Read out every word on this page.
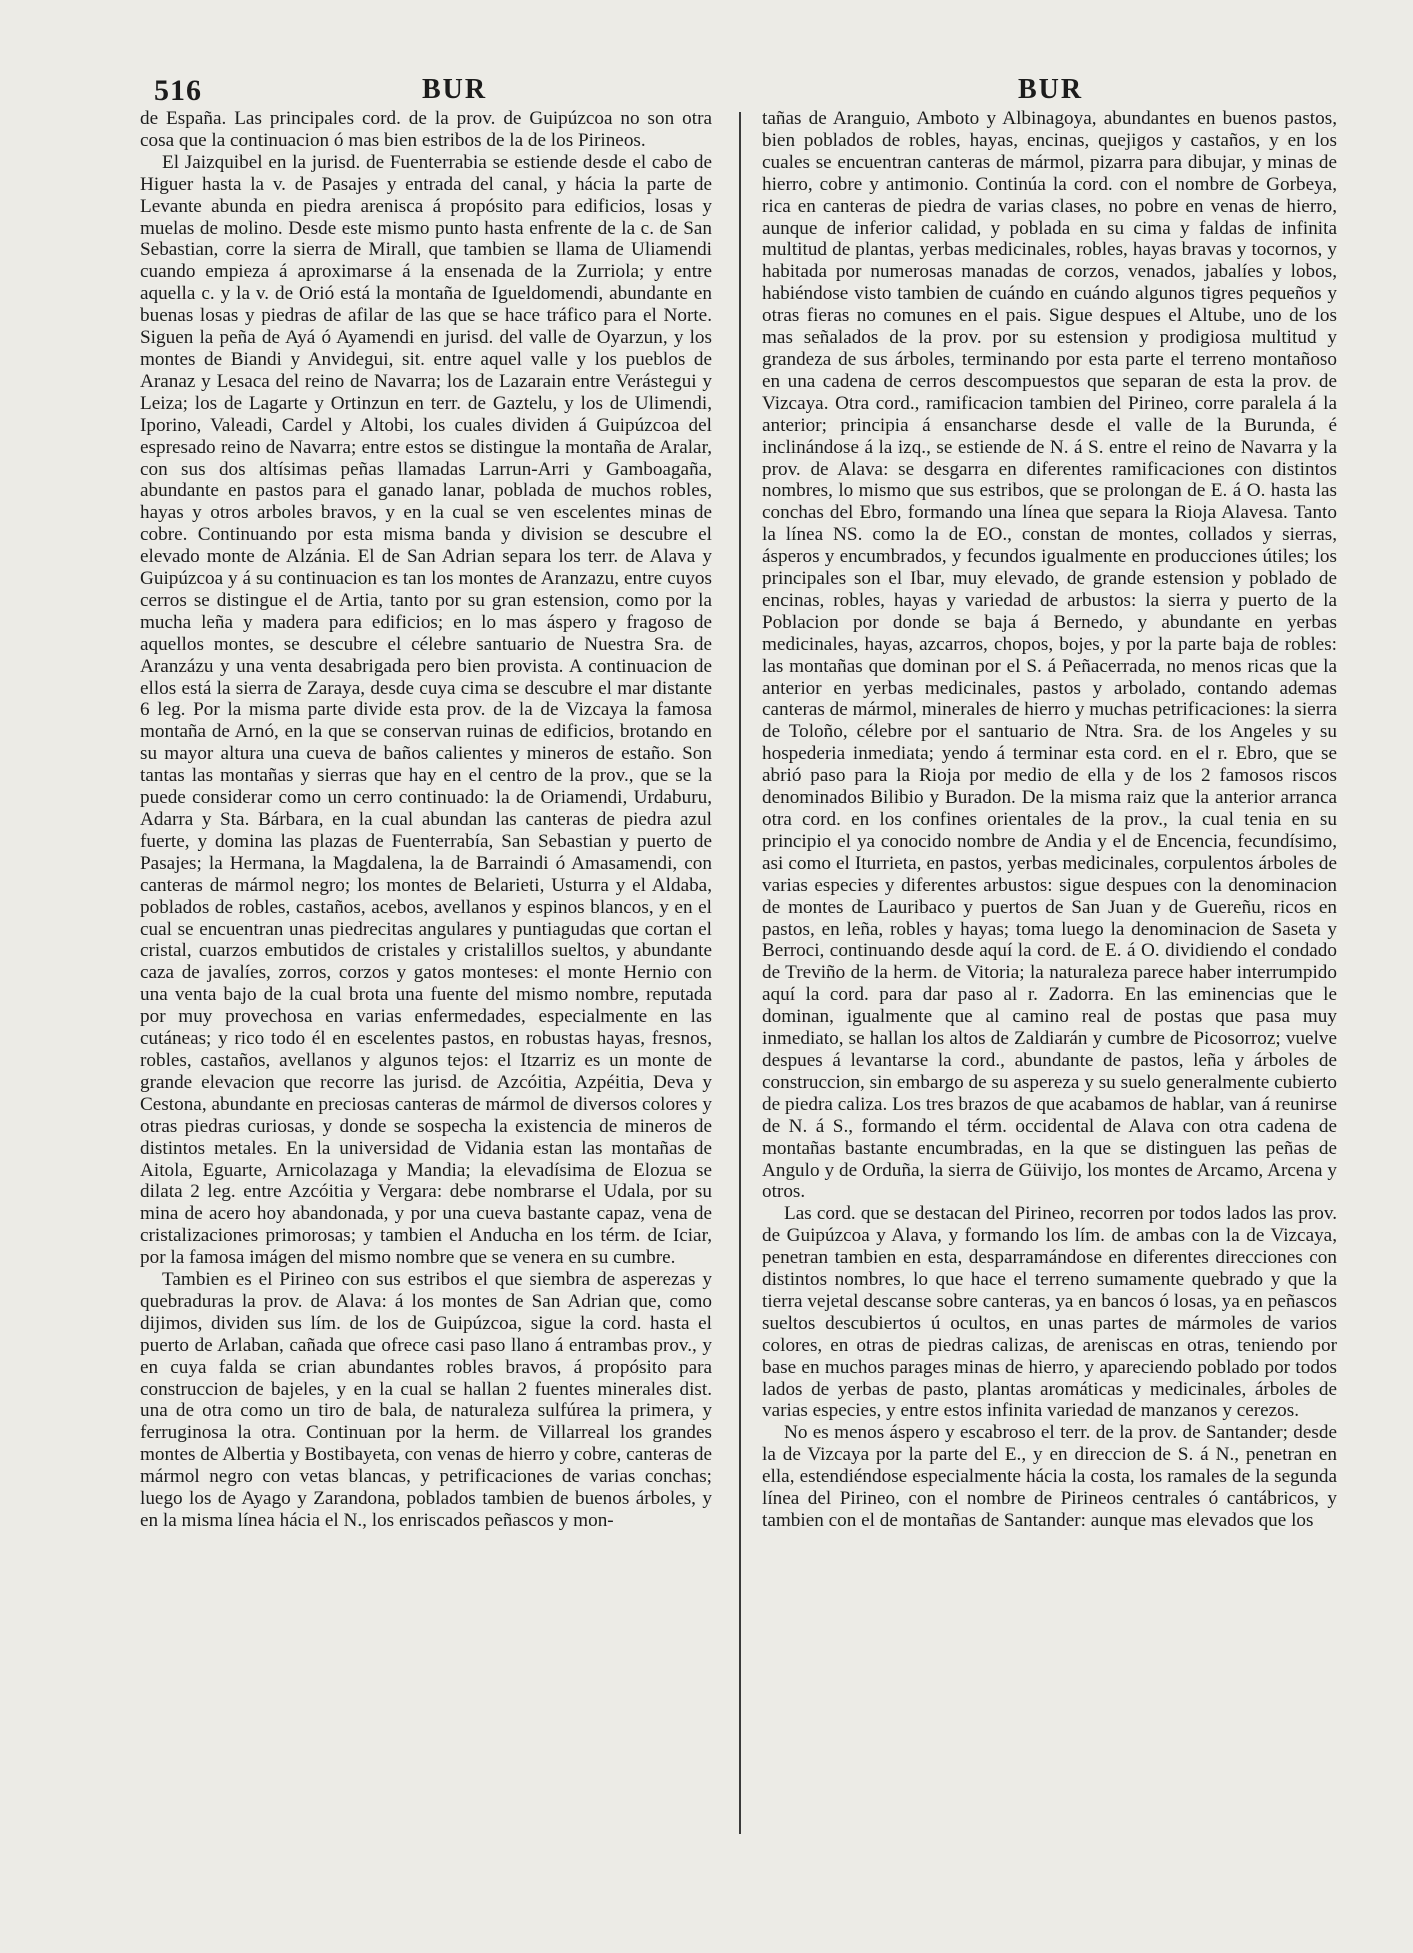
516	BUR	BUR

de España. Las principales cord. de la prov. de Guipúzcoa no son otra cosa que la continuacion ó mas bien estribos de la de los Pirineos.

El Jaizquibel en la jurisd. de Fuenterrabia se estiende desde el cabo de Higuer hasta la v. de Pasajes y entrada del canal, y hácia la parte de Levante abunda en piedra arenisca á propósito para edificios, losas y muelas de molino. Desde este mismo punto hasta enfrente de la c. de San Sebastian, corre la sierra de Mirall, que tambien se llama de Uliamendi cuando empieza á aproximarse á la ensenada de la Zurriola; y entre aquella c. y la v. de Orió está la montaña de Igueldomendi, abundante en buenas losas y piedras de afilar de las que se hace tráfico para el Norte. Siguen la peña de Ayá ó Ayamendi en jurisd. del valle de Oyarzun, y los montes de Biandi y Anvidegui, sit. entre aquel valle y los pueblos de Aranaz y Lesaca del reino de Navarra; los de Lazarain entre Verástegui y Leiza; los de Lagarte y Ortinzun en terr. de Gaztelu, y los de Ulimendi, Iporino, Valeadi, Cardel y Altobi, los cuales dividen á Guipúzcoa del espresado reino de Navarra; entre estos se distingue la montaña de Aralar, con sus dos altísimas peñas llamadas Larrun-Arri y Gamboagaña, abundante en pastos para el ganado lanar, poblada de muchos robles, hayas y otros arboles bravos, y en la cual se ven escelentes minas de cobre. Continuando por esta misma banda y division se descubre el elevado monte de Alzánia. El de San Adrian separa los terr. de Alava y Guipúzcoa y á su continuacion es tan los montes de Aranzazu, entre cuyos cerros se distingue el de Artia, tanto por su gran estension, como por la mucha leña y madera para edificios; en lo mas áspero y fragoso de aquellos montes, se descubre el célebre santuario de Nuestra Sra. de Aranzázu y una venta desabrigada pero bien provista. A continuacion de ellos está la sierra de Zaraya, desde cuya cima se descubre el mar distante 6 leg. Por la misma parte divide esta prov. de la de Vizcaya la famosa montaña de Arnó, en la que se conservan ruinas de edificios, brotando en su mayor altura una cueva de baños calientes y mineros de estaño. Son tantas las montañas y sierras que hay en el centro de la prov., que se la puede considerar como un cerro continuado: la de Oriamendi, Urdaburu, Adarra y Sta. Bárbara, en la cual abundan las canteras de piedra azul fuerte, y domina las plazas de Fuenterrabía, San Sebastian y puerto de Pasajes; la Hermana, la Magdalena, la de Barraindi ó Amasamendi, con canteras de mármol negro; los montes de Belarieti, Usturra y el Aldaba, poblados de robles, castaños, acebos, avellanos y espinos blancos, y en el cual se encuentran unas piedrecitas angulares y puntiagudas que cortan el cristal, cuarzos embutidos de cristales y cristalillos sueltos, y abundante caza de javalíes, zorros, corzos y gatos monteses: el monte Hernio con una venta bajo de la cual brota una fuente del mismo nombre, reputada por muy provechosa en varias enfermedades, especialmente en las cutáneas; y rico todo él en escelentes pastos, en robustas hayas, fresnos, robles, castaños, avellanos y algunos tejos: el Itzarriz es un monte de grande elevacion que recorre las jurisd. de Azcóitia, Azpéitia, Deva y Cestona, abundante en preciosas canteras de mármol de diversos colores y otras piedras curiosas, y donde se sospecha la existencia de mineros de distintos metales. En la universidad de Vidania estan las montañas de Aitola, Eguarte, Arnicolazaga y Mandia; la elevadísima de Elozua se dilata 2 leg. entre Azcóitia y Vergara: debe nombrarse el Udala, por su mina de acero hoy abandonada, y por una cueva bastante capaz, vena de cristalizaciones primorosas; y tambien el Anducha en los térm. de Iciar, por la famosa imágen del mismo nombre que se venera en su cumbre.

Tambien es el Pirineo con sus estribos el que siembra de asperezas y quebraduras la prov. de Alava: á los montes de San Adrian que, como dijimos, dividen sus lím. de los de Guipúzcoa, sigue la cord. hasta el puerto de Arlaban, cañada que ofrece casi paso llano á entrambas prov., y en cuya falda se crian abundantes robles bravos, á propósito para construccion de bajeles, y en la cual se hallan 2 fuentes minerales dist. una de otra como un tiro de bala, de naturaleza sulfúrea la primera, y ferruginosa la otra. Continuan por la herm. de Villarreal los grandes montes de Albertia y Bostibayeta, con venas de hierro y cobre, canteras de mármol negro con vetas blancas, y petrificaciones de varias conchas; luego los de Ayago y Zarandona, poblados tambien de buenos árboles, y en la misma línea hácia el N., los enriscados peñascos y mon-

tañas de Aranguio, Amboto y Albinagoya, abundantes en buenos pastos, bien poblados de robles, hayas, encinas, quejigos y castaños, y en los cuales se encuentran canteras de mármol, pizarra para dibujar, y minas de hierro, cobre y antimonio. Continúa la cord. con el nombre de Gorbeya, rica en canteras de piedra de varias clases, no pobre en venas de hierro, aunque de inferior calidad, y poblada en su cima y faldas de infinita multitud de plantas, yerbas medicinales, robles, hayas bravas y tocornos, y habitada por numerosas manadas de corzos, venados, jabalíes y lobos, habiéndose visto tambien de cuándo en cuándo algunos tigres pequeños y otras fieras no comunes en el pais. Sigue despues el Altube, uno de los mas señalados de la prov. por su estension y prodigiosa multitud y grandeza de sus árboles, terminando por esta parte el terreno montañoso en una cadena de cerros descompuestos que separan de esta la prov. de Vizcaya. Otra cord., ramificacion tambien del Pirineo, corre paralela á la anterior; principia á ensancharse desde el valle de la Burunda, é inclinándose á la izq., se estiende de N. á S. entre el reino de Navarra y la prov. de Alava: se desgarra en diferentes ramificaciones con distintos nombres, lo mismo que sus estribos, que se prolongan de E. á O. hasta las conchas del Ebro, formando una línea que separa la Rioja Alavesa. Tanto la línea NS. como la de EO., constan de montes, collados y sierras, ásperos y encumbrados, y fecundos igualmente en producciones útiles; los principales son el Ibar, muy elevado, de grande estension y poblado de encinas, robles, hayas y variedad de arbustos: la sierra y puerto de la Poblacion por donde se baja á Bernedo, y abundante en yerbas medicinales, hayas, azcarros, chopos, bojes, y por la parte baja de robles: las montañas que dominan por el S. á Peñacerrada, no menos ricas que la anterior en yerbas medicinales, pastos y arbolado, contando ademas canteras de mármol, minerales de hierro y muchas petrificaciones: la sierra de Toloño, célebre por el santuario de Ntra. Sra. de los Angeles y su hospederia inmediata; yendo á terminar esta cord. en el r. Ebro, que se abrió paso para la Rioja por medio de ella y de los 2 famosos riscos denominados Bilibio y Buradon. De la misma raiz que la anterior arranca otra cord. en los confines orientales de la prov., la cual tenia en su principio el ya conocido nombre de Andia y el de Encencia, fecundísimo, asi como el Iturrieta, en pastos, yerbas medicinales, corpulentos árboles de varias especies y diferentes arbustos: sigue despues con la denominacion de montes de Lauribaco y puertos de San Juan y de Guereñu, ricos en pastos, en leña, robles y hayas; toma luego la denominacion de Saseta y Berroci, continuando desde aquí la cord. de E. á O. dividiendo el condado de Treviño de la herm. de Vitoria; la naturaleza parece haber interrumpido aquí la cord. para dar paso al r. Zadorra. En las eminencias que le dominan, igualmente que al camino real de postas que pasa muy inmediato, se hallan los altos de Zaldiarán y cumbre de Picosorroz; vuelve despues á levantarse la cord., abundante de pastos, leña y árboles de construccion, sin embargo de su aspereza y su suelo generalmente cubierto de piedra caliza. Los tres brazos de que acabamos de hablar, van á reunirse de N. á S., formando el térm. occidental de Alava con otra cadena de montañas bastante encumbradas, en la que se distinguen las peñas de Angulo y de Orduña, la sierra de Güivijo, los montes de Arcamo, Arcena y otros.

Las cord. que se destacan del Pirineo, recorren por todos lados las prov. de Guipúzcoa y Alava, y formando los lím. de ambas con la de Vizcaya, penetran tambien en esta, desparramándose en diferentes direcciones con distintos nombres, lo que hace el terreno sumamente quebrado y que la tierra vejetal descanse sobre canteras, ya en bancos ó losas, ya en peñascos sueltos descubiertos ú ocultos, en unas partes de mármoles de varios colores, en otras de piedras calizas, de areniscas en otras, teniendo por base en muchos parages minas de hierro, y apareciendo poblado por todos lados de yerbas de pasto, plantas aromáticas y medicinales, árboles de varias especies, y entre estos infinita variedad de manzanos y cerezos.

No es menos áspero y escabroso el terr. de la prov. de Santander; desde la de Vizcaya por la parte del E., y en direccion de S. á N., penetran en ella, estendiéndose especialmente hácia la costa, los ramales de la segunda línea del Pirineo, con el nombre de Pirineos centrales ó cantábricos, y tambien con el de montañas de Santander: aunque mas elevados que los
